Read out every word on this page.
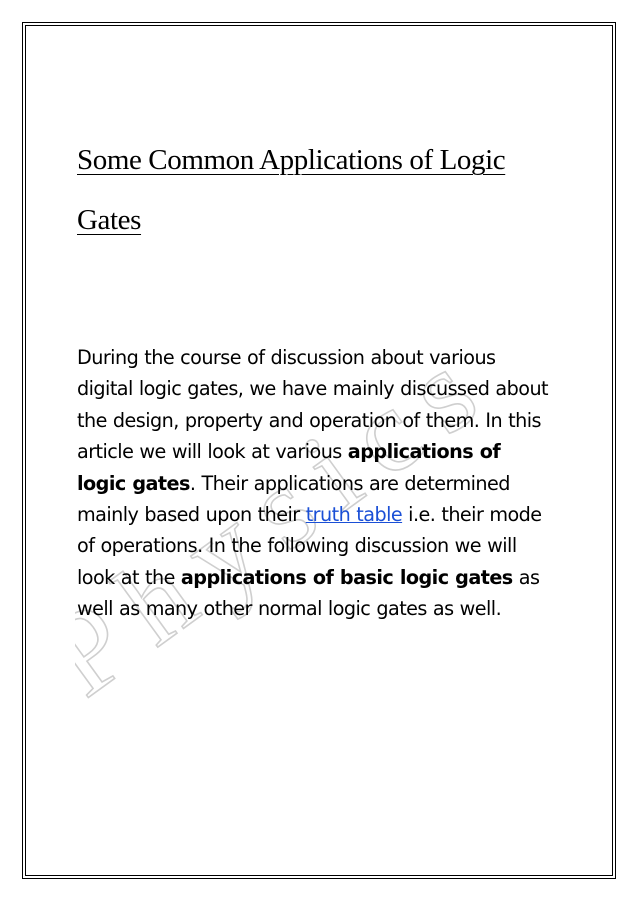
Physics
Some Common Applications of Logic Gates

During the course of discussion about various digital logic gates, we have mainly discussed about the design, property and operation of them. In this article we will look at various applications of logic gates. Their applications are determined mainly based upon their truth table i.e. their mode of operations. In the following discussion we will look at the applications of basic logic gates as well as many other normal logic gates as well.
